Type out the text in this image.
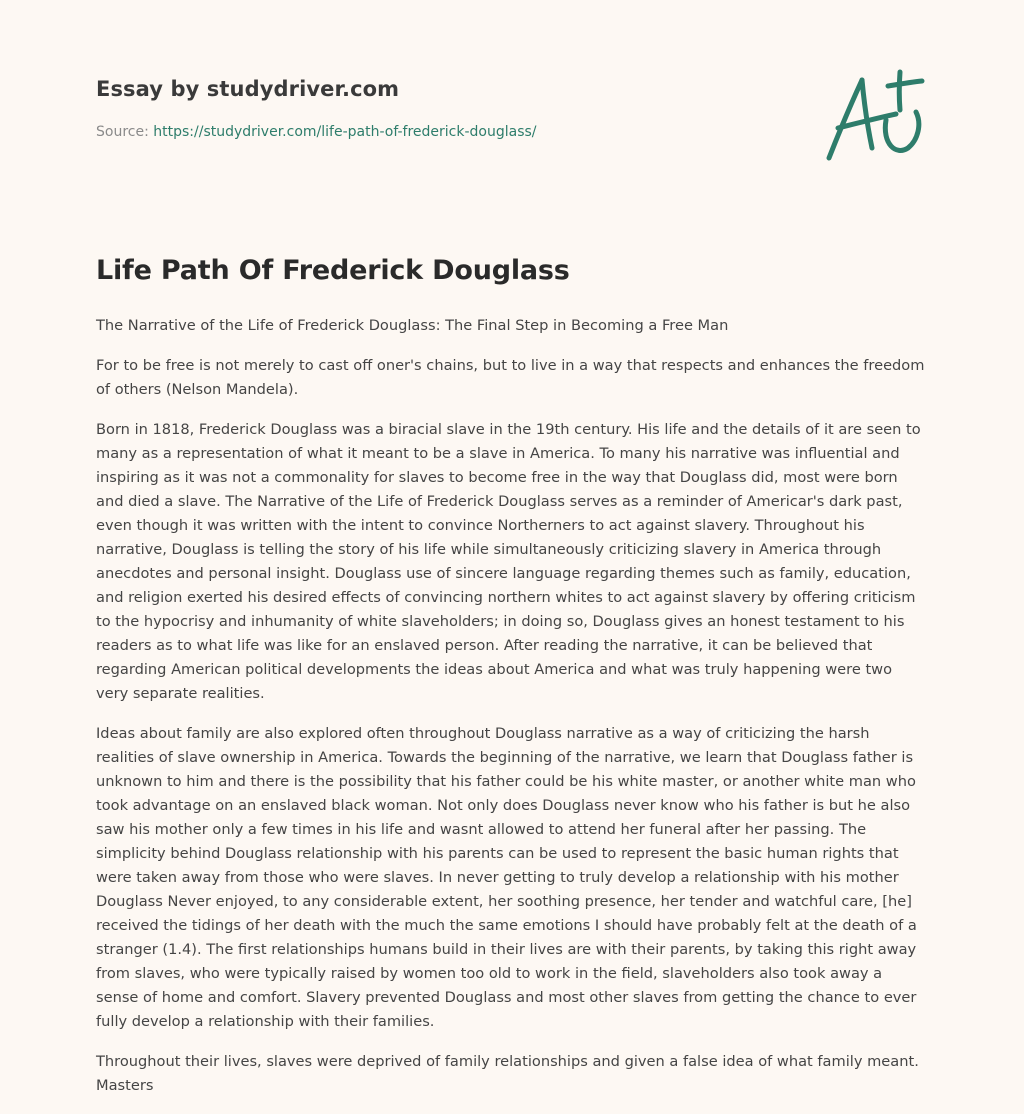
Essay by studydriver.com
Source: https://studydriver.com/life-path-of-frederick-douglass/
Life Path Of Frederick Douglass

The Narrative of the Life of Frederick Douglass: The Final Step in Becoming a Free Man

For to be free is not merely to cast off oner's chains, but to live in a way that respects and enhances the freedom of others (Nelson Mandela).

Born in 1818, Frederick Douglass was a biracial slave in the 19th century. His life and the details of it are seen to many as a representation of what it meant to be a slave in America. To many his narrative was influential and inspiring as it was not a commonality for slaves to become free in the way that Douglass did, most were born and died a slave. The Narrative of the Life of Frederick Douglass serves as a reminder of Americar's dark past, even though it was written with the intent to convince Northerners to act against slavery. Throughout his narrative, Douglass is telling the story of his life while simultaneously criticizing slavery in America through anecdotes and personal insight. Douglass use of sincere language regarding themes such as family, education, and religion exerted his desired effects of convincing northern whites to act against slavery by offering criticism to the hypocrisy and inhumanity of white slaveholders; in doing so, Douglass gives an honest testament to his readers as to what life was like for an enslaved person. After reading the narrative, it can be believed that regarding American political developments the ideas about America and what was truly happening were two very separate realities.

Ideas about family are also explored often throughout Douglass narrative as a way of criticizing the harsh realities of slave ownership in America. Towards the beginning of the narrative, we learn that Douglass father is unknown to him and there is the possibility that his father could be his white master, or another white man who took advantage on an enslaved black woman. Not only does Douglass never know who his father is but he also saw his mother only a few times in his life and wasnt allowed to attend her funeral after her passing. The simplicity behind Douglass relationship with his parents can be used to represent the basic human rights that were taken away from those who were slaves. In never getting to truly develop a relationship with his mother Douglass Never enjoyed, to any considerable extent, her soothing presence, her tender and watchful care, [he] received the tidings of her death with the much the same emotions I should have probably felt at the death of a stranger (1.4). The first relationships humans build in their lives are with their parents, by taking this right away from slaves, who were typically raised by women too old to work in the field, slaveholders also took away a sense of home and comfort. Slavery prevented Douglass and most other slaves from getting the chance to ever fully develop a relationship with their families.

Throughout their lives, slaves were deprived of family relationships and given a false idea of what family meant. Masters
